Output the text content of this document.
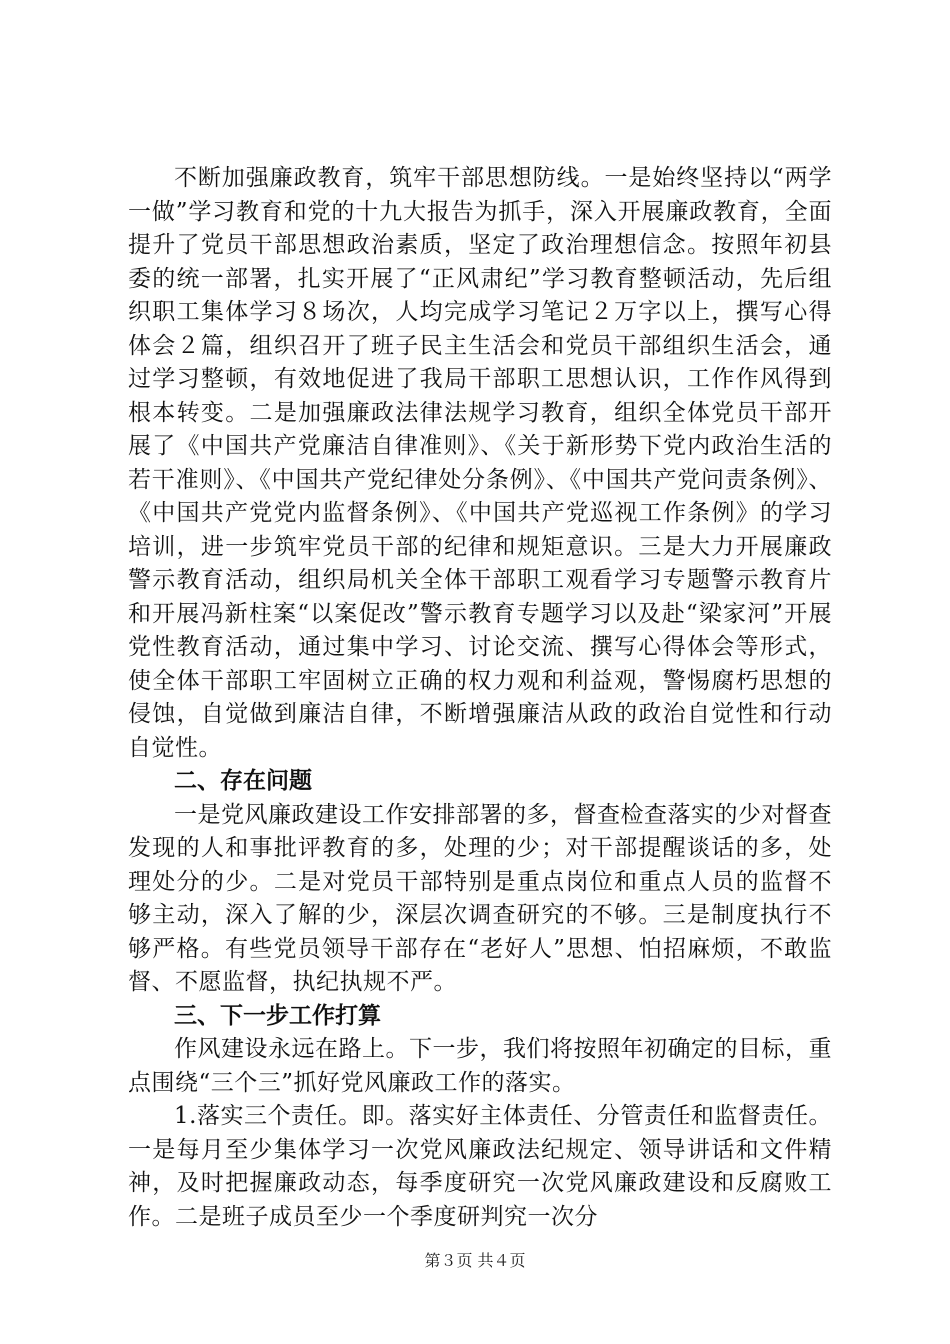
不断加强廉政教育，筑牢干部思想防线。一是始终坚持以“两学一做”学习教育和党的十九大报告为抓手，深入开展廉政教育，全面提升了党员干部思想政治素质，坚定了政治理想信念。按照年初县委的统一部署，扎实开展了“正风肃纪”学习教育整顿活动，先后组织职工集体学习８场次，人均完成学习笔记２万字以上，撰写心得体会２篇，组织召开了班子民主生活会和党员干部组织生活会，通过学习整顿，有效地促进了我局干部职工思想认识，工作作风得到根本转变。二是加强廉政法律法规学习教育，组织全体党员干部开展了《中国共产党廉洁自律准则》、《关于新形势下党内政治生活的若干准则》、《中国共产党纪律处分条例》、《中国共产党问责条例》、《中国共产党党内监督条例》、《中国共产党巡视工作条例》的学习培训，进一步筑牢党员干部的纪律和规矩意识。三是大力开展廉政警示教育活动，组织局机关全体干部职工观看学习专题警示教育片和开展冯新柱案“以案促改”警示教育专题学习以及赴“梁家河”开展党性教育活动，通过集中学习、讨论交流、撰写心得体会等形式，使全体干部职工牢固树立正确的权力观和利益观，警惕腐朽思想的侵蚀，自觉做到廉洁自律，不断增强廉洁从政的政治自觉性和行动自觉性。

二、存在问题

一是党风廉政建设工作安排部署的多，督查检查落实的少对督查发现的人和事批评教育的多，处理的少；对干部提醒谈话的多，处理处分的少。二是对党员干部特别是重点岗位和重点人员的监督不够主动，深入了解的少，深层次调查研究的不够。三是制度执行不够严格。有些党员领导干部存在“老好人”思想、怕招麻烦，不敢监督、不愿监督，执纪执规不严。

三、下一步工作打算

作风建设永远在路上。下一步，我们将按照年初确定的目标，重点围绕“三个三”抓好党风廉政工作的落实。

1.落实三个责任。即。落实好主体责任、分管责任和监督责任。一是每月至少集体学习一次党风廉政法纪规定、领导讲话和文件精神，及时把握廉政动态，每季度研究一次党风廉政建设和反腐败工作。二是班子成员至少一个季度研判究一次分

第３页 共４页
